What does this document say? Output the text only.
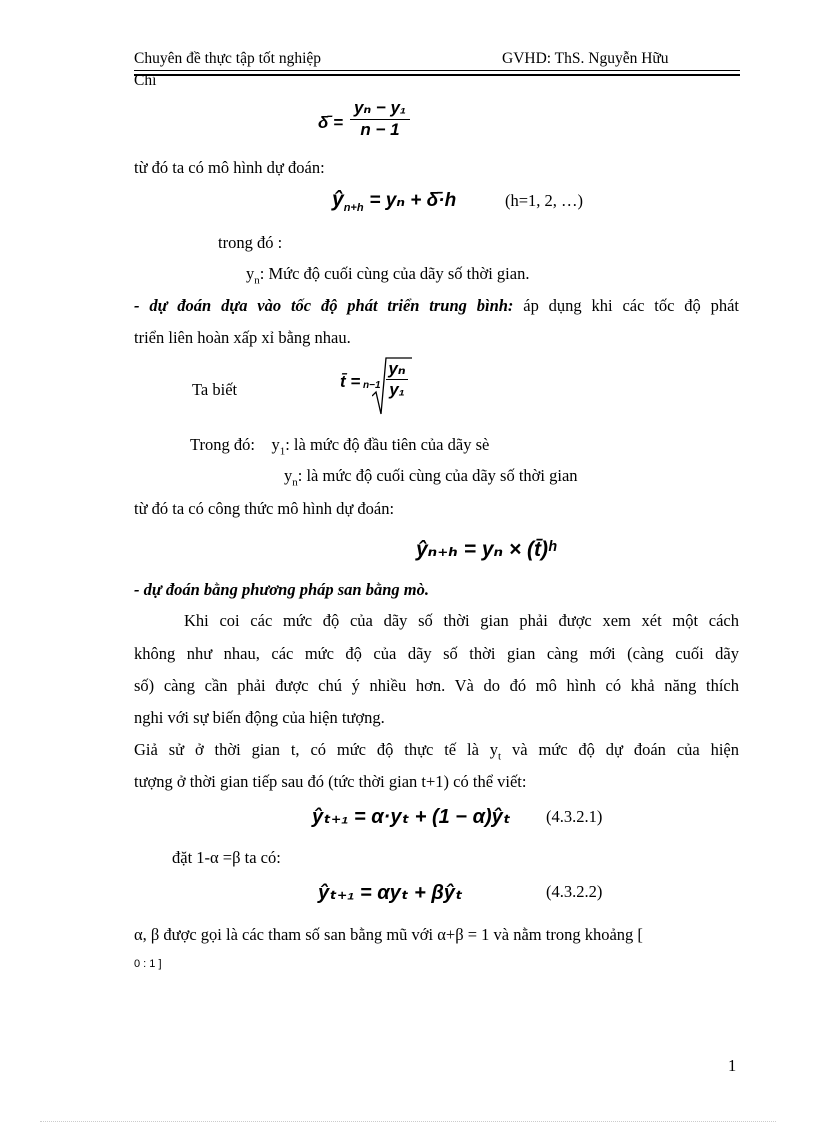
Chuyên đề thực tập tốt nghiệp	GVHD: ThS. Nguyễn Hữu
Chí
δ̄ = $\frac{\text{yₙ − y₁}}{n - 1}$
từ đó ta có mô hình dự đoán:
$ŷ_{n+h} = y_n$ + δ̄·h	(h=1, 2, …)
trong đó :
$y_n$: Mức độ cuối cùng của dãy số thời gian.
- dự đoán dựa vào tốc độ phát triển trung bình: áp dụng khi các tốc độ phát
triển liên hoàn xấp xỉ bằng nhau.
Ta biết	t̄ = $n-1 \frac{\text{yₙ}}{\text{y₁}}$
Trong đó: $y_1$: là mức độ đầu tiên của dãy sè
$y_n$: là mức độ cuối cùng của dãy số thời gian
từ đó ta có công thức mô hình dự đoán:
ŷₙ₊ₕ = yₙ × (t̄)ʰ
- dự đoán bằng phương pháp san bằng mò.
Khi coi các mức độ của dãy số thời gian phải được xem xét một cách
không như nhau, các mức độ của dãy số thời gian càng mới (càng cuối dãy
số) càng cần phải được chú ý nhiều hơn. Và do đó mô hình có khả năng thích
nghi với sự biến động của hiện tượng.
Giả sử ở thời gian t, có mức độ thực tế là $y_t$ và mức độ dự đoán của hiện
tượng ở thời gian tiếp sau đó (tức thời gian t+1) có thể viết:
ŷₜ₊₁ = α·yₜ + (1 − α)ŷₜ (4.3.2.1)
đặt 1-α =β ta có:
ŷₜ₊₁ = αyₜ + βŷₜ	(4.3.2.2)
α, β được gọi là các tham số san bằng mũ với α+β = 1 và nằm trong khoảng [
0 : 1 ]
1
